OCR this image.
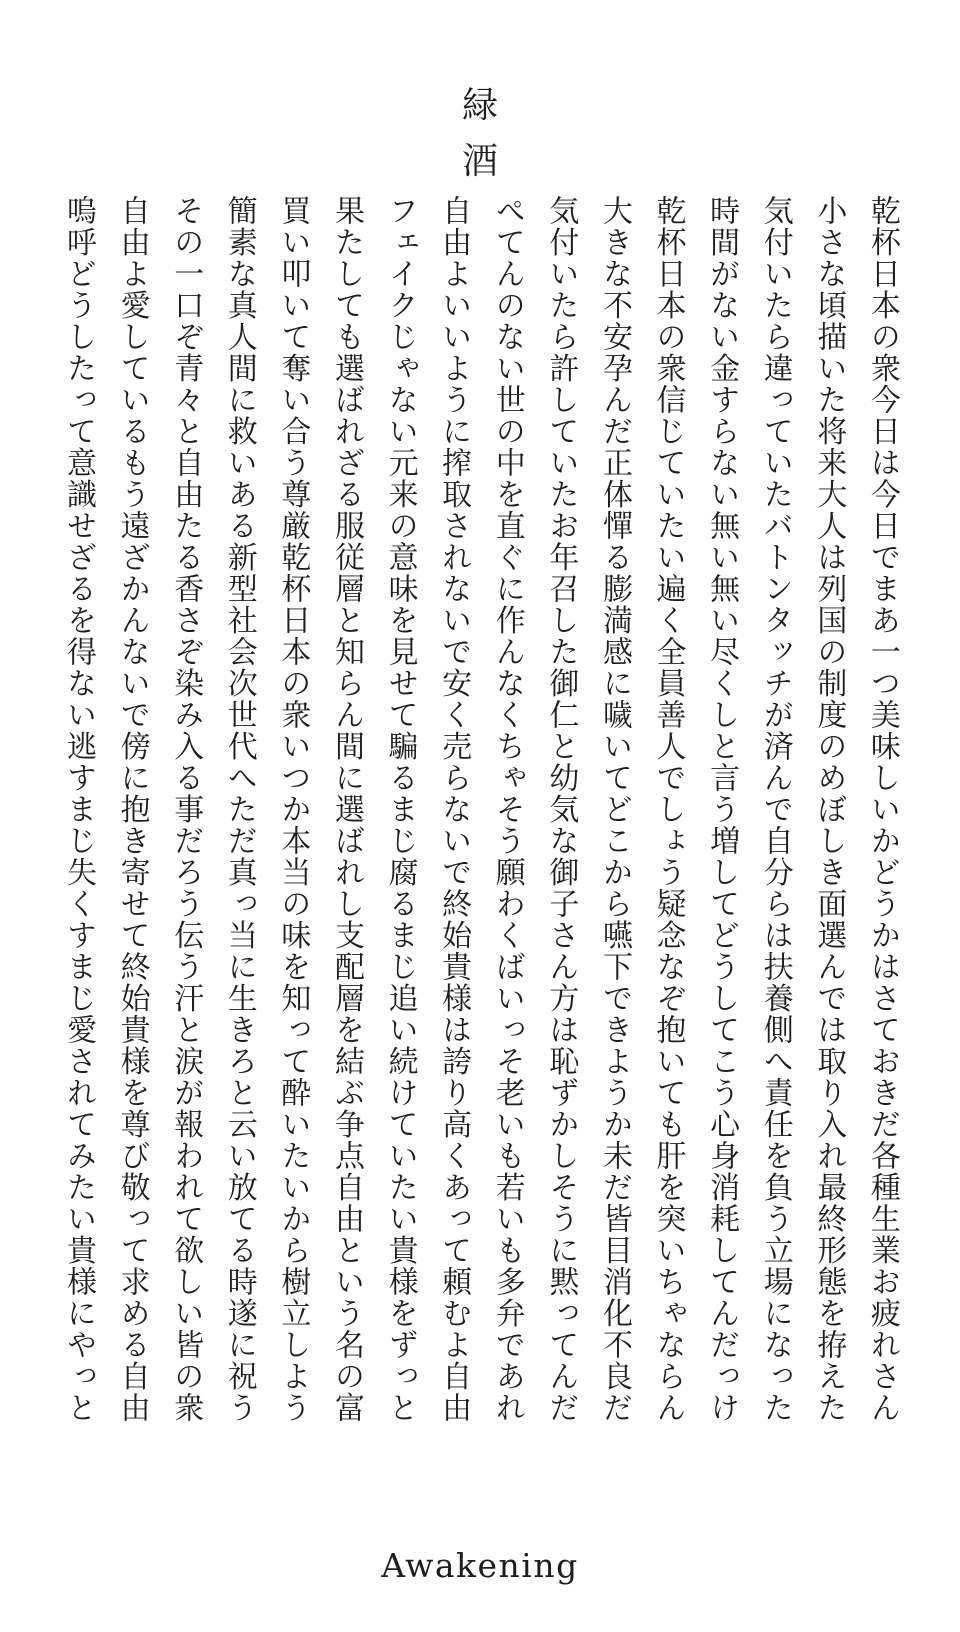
緑
酒
乾杯日本の衆今日は今日でまあ一つ美味しいかどうかはさておきだ各種生業お疲れさん
小さな頃描いた将来大人は列国の制度のめぼしき面選んでは取り入れ最終形態を拵えた
気付いたら違っていたバトンタッチが済んで自分らは扶養側へ責任を負う立場になった
時間がない金すらない無い無い尽くしと言う増してどうしてこう心身消耗してんだっけ
乾杯日本の衆信じていたい遍く全員善人でしょう疑念なぞ抱いても肝を突いちゃならん
大きな不安孕んだ正体憚る膨満感に噦いてどこから嚥下できようか未だ皆目消化不良だ
気付いたら許していたお年召した御仁と幼気な御子さん方は恥ずかしそうに黙ってんだ
ぺてんのない世の中を直ぐに作んなくちゃそう願わくばいっそ老いも若いも多弁であれ
自由よいいように搾取されないで安く売らないで終始貴様は誇り高くあって頼むよ自由
フェイクじゃない元来の意味を見せて騙るまじ腐るまじ追い続けていたい貴様をずっと
果たしても選ばれざる服従層と知らん間に選ばれし支配層を結ぶ争点自由という名の富
買い叩いて奪い合う尊厳乾杯日本の衆いつか本当の味を知って酔いたいから樹立しよう
簡素な真人間に救いある新型社会次世代へただ真っ当に生きろと云い放てる時遂に祝う
その一口ぞ青々と自由たる香さぞ染み入る事だろう伝う汗と涙が報われて欲しい皆の衆
自由よ愛しているもう遠ざかんないで傍に抱き寄せて終始貴様を尊び敬って求める自由
嗚呼どうしたって意識せざるを得ない逃すまじ失くすまじ愛されてみたい貴様にやっと
Awakening
